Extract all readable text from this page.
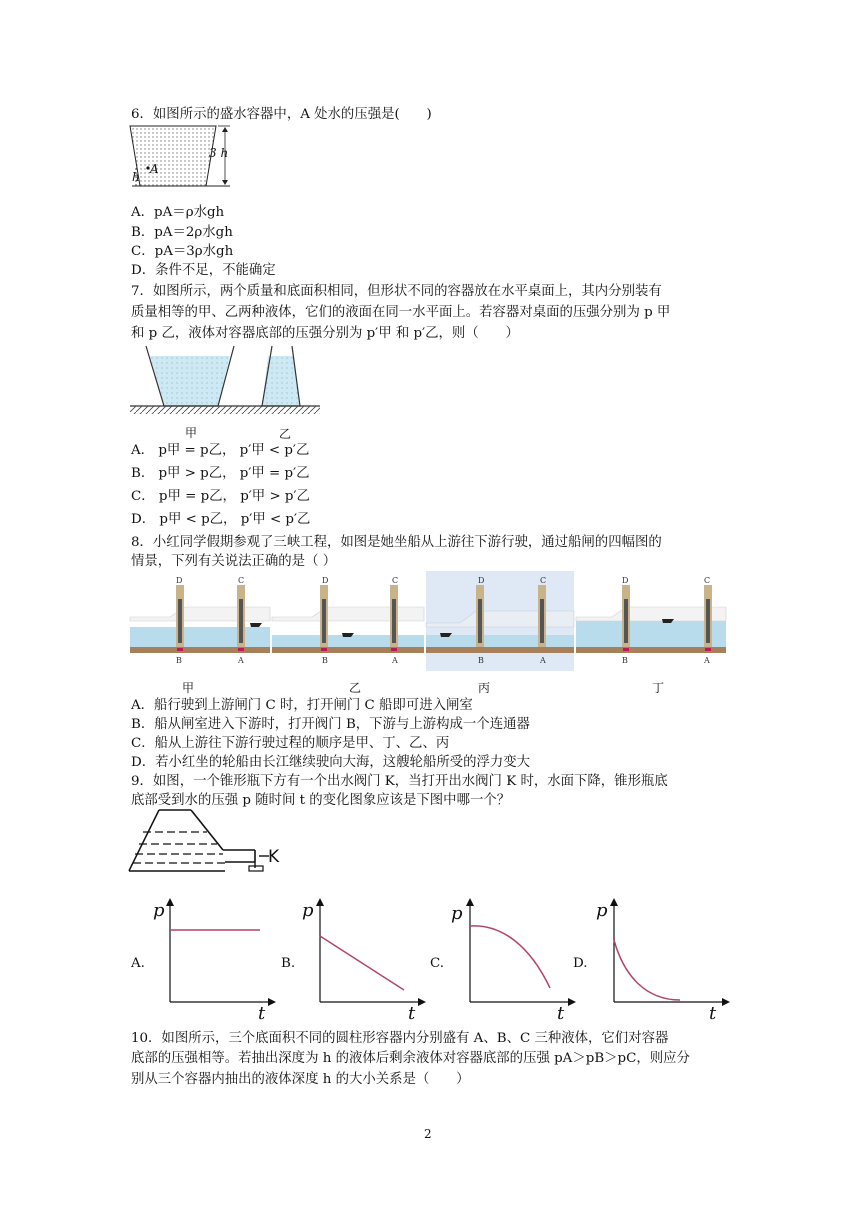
6．如图所示的盛水容器中，A 处水的压强是(　　)
3 h
A
h
A．pA＝ρ水gh
B．pA＝2ρ水gh
C．pA＝3ρ水gh
D．条件不足，不能确定
7．如图所示，两个质量和底面积相同，但形状不同的容器放在水平桌面上，其内分别装有
质量相等的甲、乙两种液体，它们的液面在同一水平面上。若容器对桌面的压强分别为 p 甲
和 p 乙，液体对容器底部的压强分别为 p′甲 和 p′乙，则（　　）
甲	乙
A． p甲 = p乙， p′甲 < p′乙
B． p甲 > p乙， p′甲 = p′乙
C． p甲 = p乙， p′甲 > p′乙
D． p甲 < p乙， p′甲 < p′乙
8．小红同学假期参观了三峡工程，如图是她坐船从上游往下游行驶，通过船闸的四幅图的
情景，下列有关说法正确的是（ ）
D	C
B	A
D	C
B	A
D	C
B	A
D	C
B	A
甲	乙	丙	丁
A．船行驶到上游闸门 C 时，打开闸门 C 船即可进入闸室
B．船从闸室进入下游时，打开阀门 B，下游与上游构成一个连通器
C．船从上游往下游行驶过程的顺序是甲、丁、乙、丙
D．若小红坐的轮船由长江继续驶向大海，这艘轮船所受的浮力变大
9．如图，一个锥形瓶下方有一个出水阀门 K，当打开出水阀门 K 时，水面下降，锥形瓶底
底部受到水的压强 p 随时间 t 的变化图象应该是下图中哪一个？
K
A.
p
t
B.
p
t
C.
p
t
D.
p
t
10．如图所示，三个底面积不同的圆柱形容器内分别盛有 A、B、C 三种液体，它们对容器
底部的压强相等。若抽出深度为 h 的液体后剩余液体对容器底部的压强 pA＞pB＞pC，则应分
别从三个容器内抽出的液体深度 h 的大小关系是（　　）
2
